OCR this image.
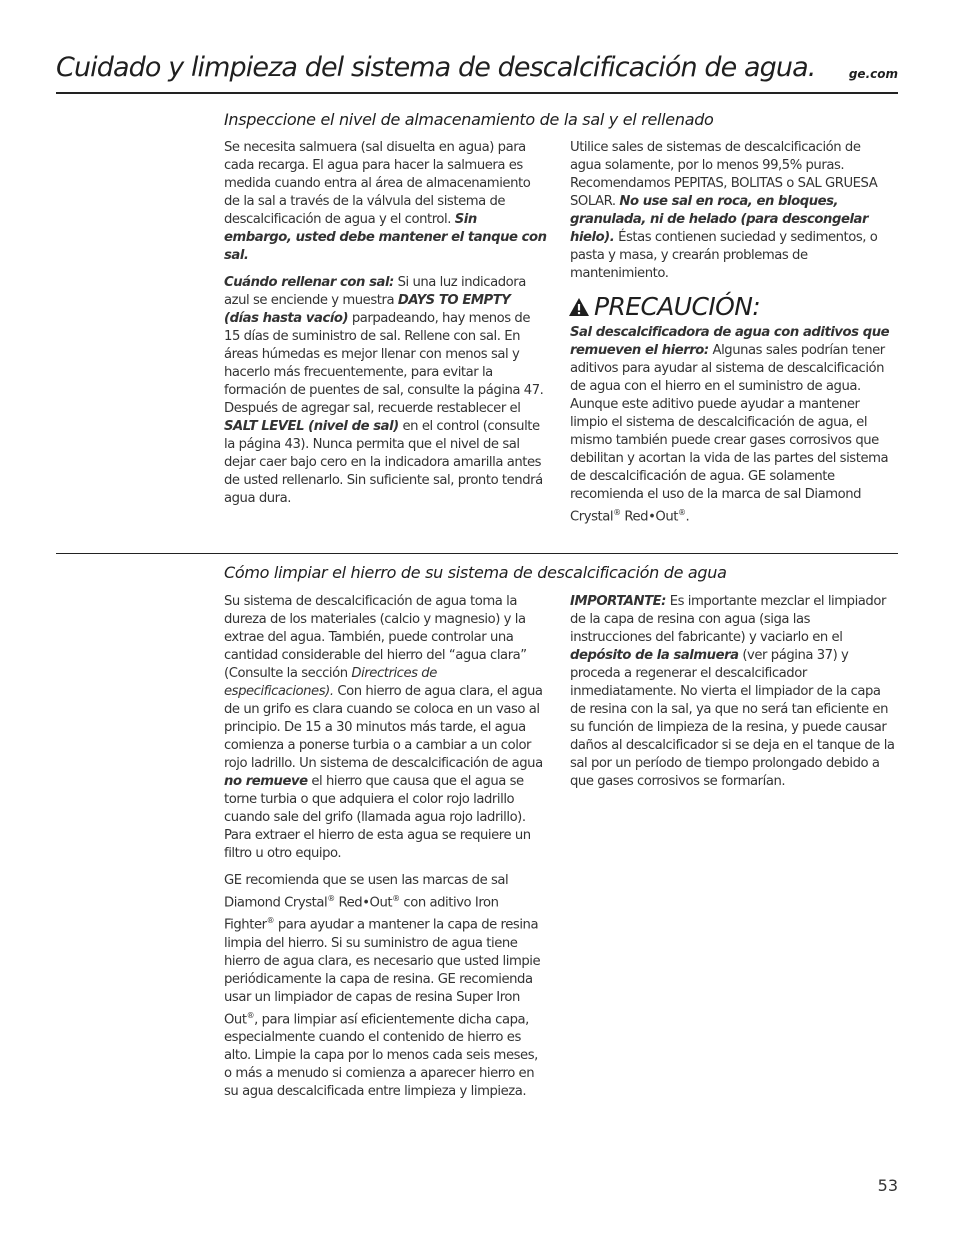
Cuidado y limpieza del sistema de descalcificación de agua.	ge.com
Inspeccione el nivel de almacenamiento de la sal y el rellenado

Se necesita salmuera (sal disuelta en agua) para cada recarga. El agua para hacer la salmuera es medida cuando entra al área de almacenamiento de la sal a través de la válvula del sistema de descalcificación de agua y el control. Sin embargo, usted debe mantener el tanque con sal.

Cuándo rellenar con sal: Si una luz indicadora azul se enciende y muestra DAYS TO EMPTY (días hasta vacío) parpadeando, hay menos de 15 días de suministro de sal. Rellene con sal. En áreas húmedas es mejor llenar con menos sal y hacerlo más frecuentemente, para evitar la formación de puentes de sal, consulte la página 47. Después de agregar sal, recuerde restablecer el SALT LEVEL (nivel de sal) en el control (consulte la página 43). Nunca permita que el nivel de sal dejar caer bajo cero en la indicadora amarilla antes de usted rellenarlo. Sin suficiente sal, pronto tendrá agua dura.

Utilice sales de sistemas de descalcificación de agua solamente, por lo menos 99,5% puras. Recomendamos PEPITAS, BOLITAS o SAL GRUESA SOLAR. No use sal en roca, en bloques, granulada, ni de helado (para descongelar hielo). Éstas contienen suciedad y sedimentos, o pasta y masa, y crearán problemas de mantenimiento.

PRECAUCIÓN:

Sal descalcificadora de agua con aditivos que remueven el hierro: Algunas sales podrían tener aditivos para ayudar al sistema de descalcificación de agua con el hierro en el suministro de agua. Aunque este aditivo puede ayudar a mantener limpio el sistema de descalcificación de agua, el mismo también puede crear gases corrosivos que debilitan y acortan la vida de las partes del sistema de descalcificación de agua. GE solamente recomienda el uso de la marca de sal Diamond Crystal® Red•Out®.

Cómo limpiar el hierro de su sistema de descalcificación de agua

Su sistema de descalcificación de agua toma la dureza de los materiales (calcio y magnesio) y la extrae del agua. También, puede controlar una cantidad considerable del hierro del “agua clara” (Consulte la sección Directrices de especificaciones). Con hierro de agua clara, el agua de un grifo es clara cuando se coloca en un vaso al principio. De 15 a 30 minutos más tarde, el agua comienza a ponerse turbia o a cambiar a un color rojo ladrillo. Un sistema de descalcificación de agua no remueve el hierro que causa que el agua se torne turbia o que adquiera el color rojo ladrillo cuando sale del grifo (llamada agua rojo ladrillo). Para extraer el hierro de esta agua se requiere un filtro u otro equipo.

GE recomienda que se usen las marcas de sal Diamond Crystal® Red•Out® con aditivo Iron Fighter® para ayudar a mantener la capa de resina limpia del hierro. Si su suministro de agua tiene hierro de agua clara, es necesario que usted limpie periódicamente la capa de resina. GE recomienda usar un limpiador de capas de resina Super Iron Out®, para limpiar así eficientemente dicha capa, especialmente cuando el contenido de hierro es alto. Limpie la capa por lo menos cada seis meses, o más a menudo si comienza a aparecer hierro en su agua descalcificada entre limpieza y limpieza.

IMPORTANTE: Es importante mezclar el limpiador de la capa de resina con agua (siga las instrucciones del fabricante) y vaciarlo en el depósito de la salmuera (ver página 37) y proceda a regenerar el descalcificador inmediatamente. No vierta el limpiador de la capa de resina con la sal, ya que no será tan eficiente en su función de limpieza de la resina, y puede causar daños al descalcificador si se deja en el tanque de la sal por un período de tiempo prolongado debido a que gases corrosivos se formarían.

53
